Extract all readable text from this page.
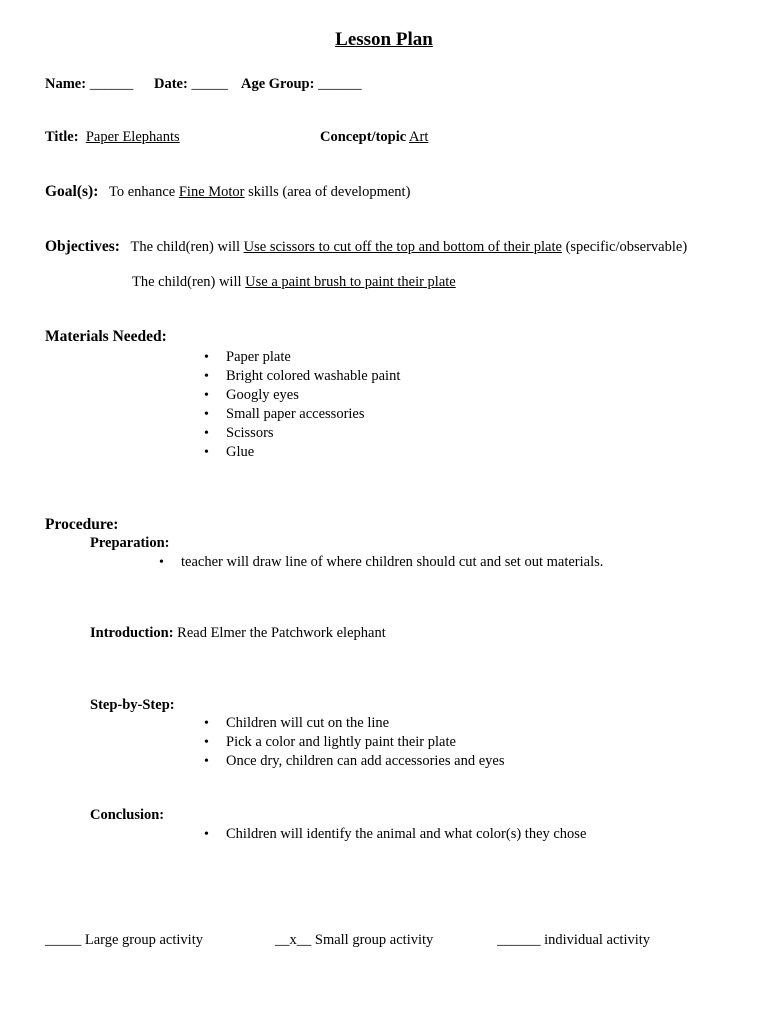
Lesson Plan
Name: ______ Date: _____ Age Group: ______
Title: Paper Elephants	Concept/topic Art
Goal(s): To enhance Fine Motor skills (area of development)
Objectives: The child(ren) will Use scissors to cut off the top and bottom of their plate (specific/observable)
The child(ren) will Use a paint brush to paint their plate
Materials Needed:
• Paper plate
• Bright colored washable paint
• Googly eyes
• Small paper accessories
• Scissors
• Glue
Procedure:
Preparation:
• teacher will draw line of where children should cut and set out materials.
Introduction: Read Elmer the Patchwork elephant
Step-by-Step:
• Children will cut on the line
• Pick a color and lightly paint their plate
• Once dry, children can add accessories and eyes
Conclusion:
• Children will identify the animal and what color(s) they chose
_____ Large group activity	__x__ Small group activity	______ individual activity
